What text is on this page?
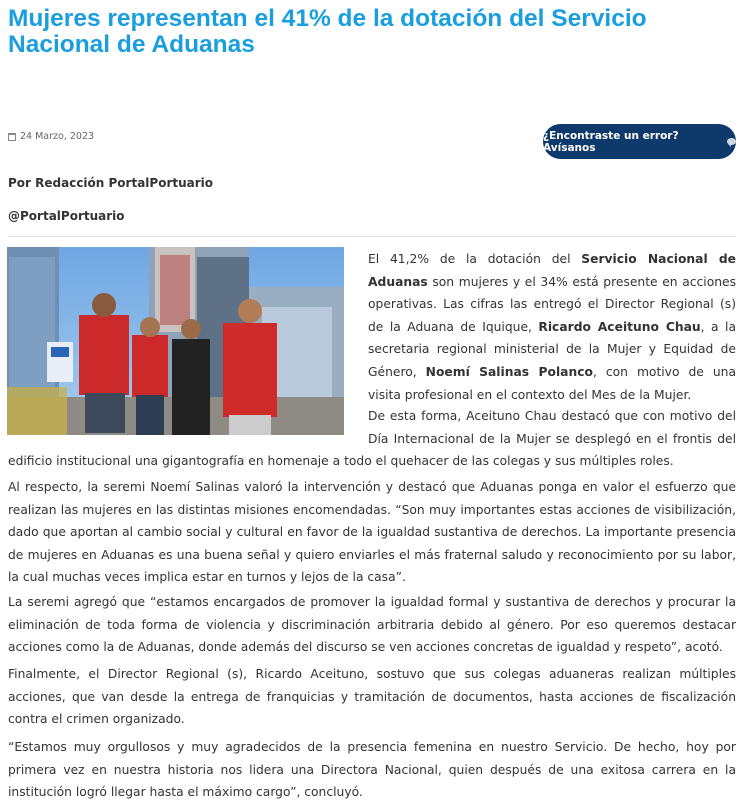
Mujeres representan el 41% de la dotación del Servicio Nacional de Aduanas
24 Marzo, 2023	¿Encontraste un error? Avísanos
Por Redacción PortalPortuario
@PortalPortuario

El 41,2% de la dotación del Servicio Nacional de Aduanas son mujeres y el 34% está presente en acciones operativas. Las cifras las entregó el Director Regional (s) de la Aduana de Iquique, Ricardo Aceituno Chau, a la secretaria regional ministerial de la Mujer y Equidad de Género, Noemí Salinas Polanco, con motivo de una visita profesional en el contexto del Mes de la Mujer.

De esta forma, Aceituno Chau destacó que con motivo del Día Internacional de la Mujer se desplegó en el frontis del edificio institucional una gigantografía en homenaje a todo el quehacer de las colegas y sus múltiples roles.

Al respecto, la seremi Noemí Salinas valoró la intervención y destacó que Aduanas ponga en valor el esfuerzo que realizan las mujeres en las distintas misiones encomendadas. “Son muy importantes estas acciones de visibilización, dado que aportan al cambio social y cultural en favor de la igualdad sustantiva de derechos. La importante presencia de mujeres en Aduanas es una buena señal y quiero enviarles el más fraternal saludo y reconocimiento por su labor, la cual muchas veces implica estar en turnos y lejos de la casa”.

La seremi agregó que “estamos encargados de promover la igualdad formal y sustantiva de derechos y procurar la eliminación de toda forma de violencia y discriminación arbitraria debido al género. Por eso queremos destacar acciones como la de Aduanas, donde además del discurso se ven acciones concretas de igualdad y respeto”, acotó.

Finalmente, el Director Regional (s), Ricardo Aceituno, sostuvo que sus colegas aduaneras realizan múltiples acciones, que van desde la entrega de franquicias y tramitación de documentos, hasta acciones de fiscalización contra el crimen organizado.

“Estamos muy orgullosos y muy agradecidos de la presencia femenina en nuestro Servicio. De hecho, hoy por primera vez en nuestra historia nos lidera una Directora Nacional, quien después de una exitosa carrera en la institución logró llegar hasta el máximo cargo”, concluyó.
